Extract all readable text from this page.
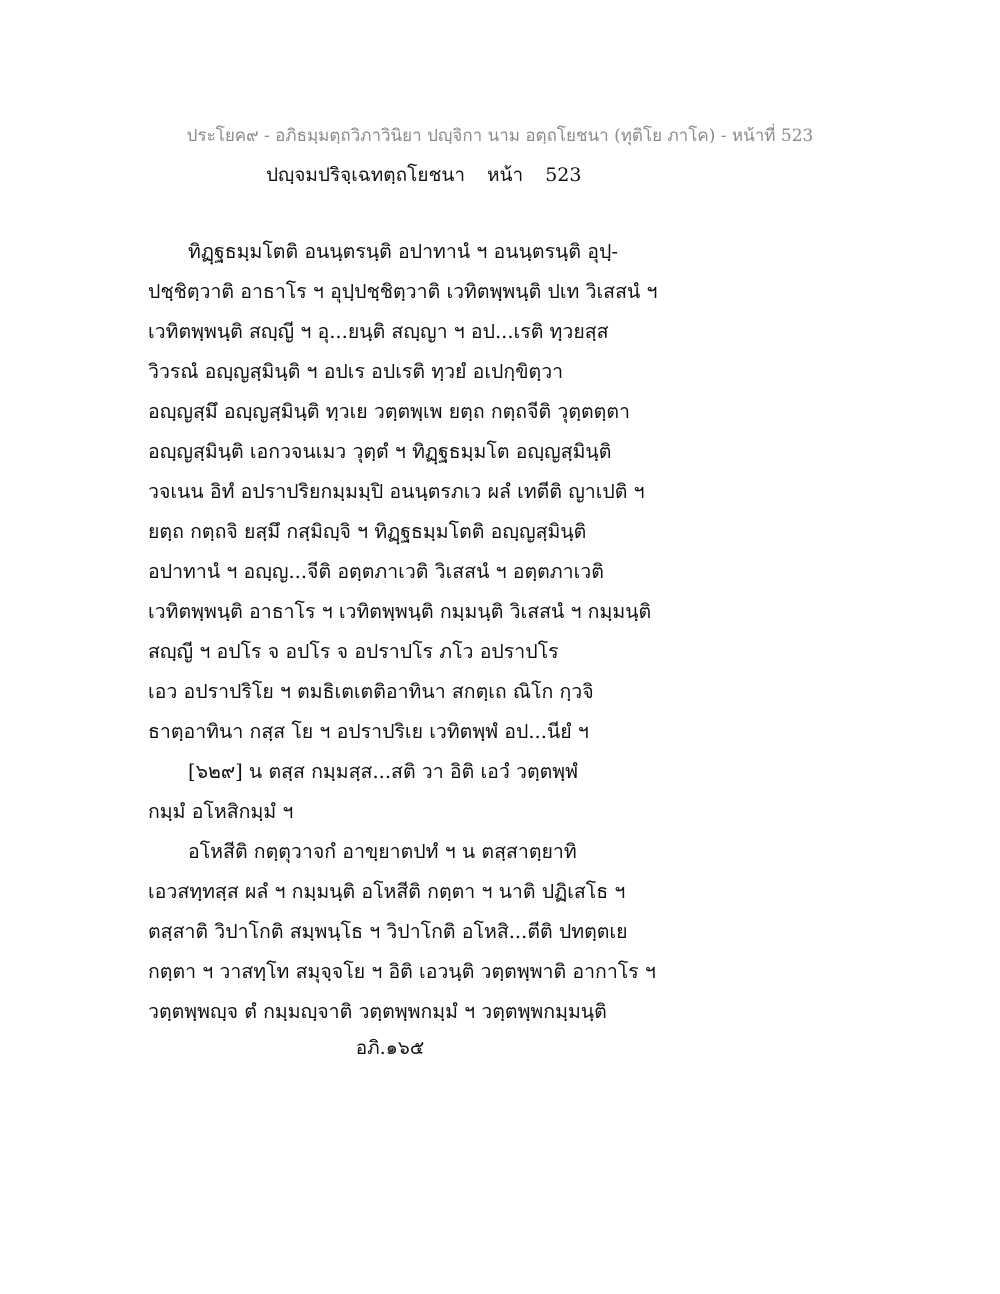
ประโยค๙ - อภิธมฺมตฺถวิภาวินิยา ปญฺจิกา นาม อตฺถโยชนา (ทุติโย ภาโค) - หน้าที่ 523
ปญฺจมปริจฺเฉทตฺถโยชนา หน้า 523
ทิฏฺฐธมฺมโตติ อนนฺตรนฺติ อปาทานํ ฯ อนนฺตรนฺติ อุปฺ-
ปชฺชิตฺวาติ อาธาโร ฯ อุปฺปชฺชิตฺวาติ เวทิตพฺพนฺติ ปเท วิเสสนํ ฯ
เวทิตพฺพนฺติ สญฺญี ฯ อุ...ยนฺติ สญฺญา ฯ อป...เรติ ทฺวยสฺส
วิวรณํ อญฺญสฺมินฺติ ฯ อปเร อปเรติ ทฺวยํ อเปกฺขิตฺวา
อญฺญสฺมึ อญฺญสฺมินฺติ ทฺวเย วตฺตพฺเพ ยตฺถ กตฺถจีติ วุตฺตตฺตา
อญฺญสฺมินฺติ เอกวจนเมว วุตฺตํ ฯ ทิฏฺฐธมฺมโต อญฺญสฺมินฺติ
วจเนน อิทํ อปราปริยกมฺมมฺปิ อนนฺตรภเว ผลํ เทตีติ ญาเปติ ฯ
ยตฺถ กตฺถจิ ยสฺมึ กสฺมิญฺจิ ฯ ทิฏฺฐธมฺมโตติ อญฺญสฺมินฺติ
อปาทานํ ฯ อญฺญ...จีติ อตฺตภาเวติ วิเสสนํ ฯ อตฺตภาเวติ
เวทิตพฺพนฺติ อาธาโร ฯ เวทิตพฺพนฺติ กมฺมนฺติ วิเสสนํ ฯ กมฺมนฺติ
สญฺญี ฯ อปโร จ อปโร จ อปราปโร ภโว อปราปโร
เอว อปราปริโย ฯ ตมธิเตเตติอาทินา สกตฺเถ ณิโก กฺวจิ
ธาตฺอาทินา กสฺส โย ฯ อปราปริเย เวทิตพฺพํ อป...นียํ ฯ
[๖๒๙] น ตสฺส กมฺมสฺส...สติ วา อิติ เอวํ วตฺตพฺพํ
กมฺมํ อโหสิกมฺมํ ฯ
อโหสีติ กตฺตุวาจกํ อาขฺยาตปทํ ฯ น ตสฺสาตฺยาทิ
เอวสทฺทสฺส ผลํ ฯ กมฺมนฺติ อโหสีติ กตฺตา ฯ นาติ ปฏิเสโธ ฯ
ตสฺสาติ วิปาโกติ สมฺพนฺโธ ฯ วิปาโกติ อโหสิ...ตีติ ปทตฺตเย
กตฺตา ฯ วาสทฺโท สมุจฺจโย ฯ อิติ เอวนฺติ วตฺตพฺพาติ อากาโร ฯ
วตฺตพฺพญฺจ ตํ กมฺมญฺจาติ วตฺตพฺพกมฺมํ ฯ วตฺตพฺพกมฺมนฺติ
อภิ.๑๖๕
